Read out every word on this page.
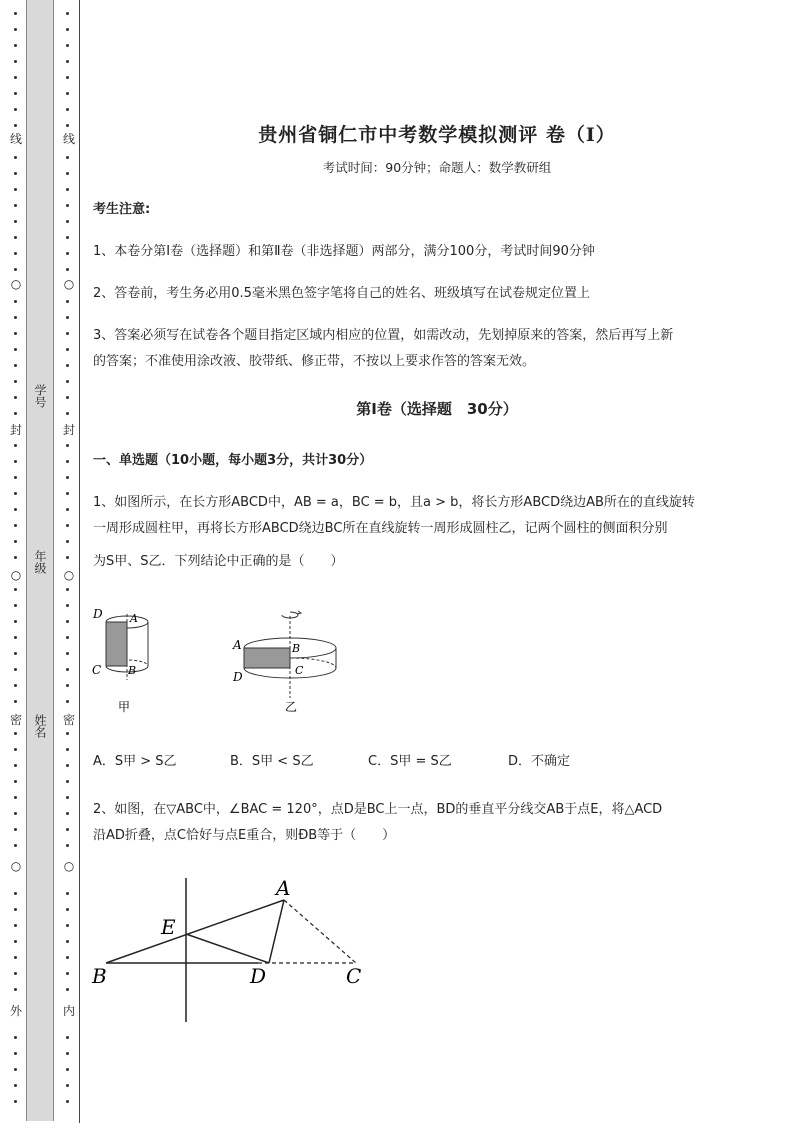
线
○
封
○
密
○
外
线
○
封
○
密
○
内
学号
年级
姓名
贵州省铜仁市中考数学模拟测评 卷（Ⅰ）
考试时间：90分钟；命题人：数学教研组
考生注意:
1、本卷分第Ⅰ卷（选择题）和第Ⅱ卷（非选择题）两部分，满分100分，考试时间90分钟
2、答卷前，考生务必用0.5毫米黑色签字笔将自己的姓名、班级填写在试卷规定位置上
3、答案必须写在试卷各个题目指定区域内相应的位置，如需改动，先划掉原来的答案，然后再写上新
的答案；不准使用涂改液、胶带纸、修正带，不按以上要求作答的答案无效。
第Ⅰ卷（选择题　30分）
一、单选题（10小题，每小题3分，共计30分）
1、如图所示，在长方形ABCD中，AB = a，BC = b，且a > b，将长方形ABCD绕边AB所在的直线旋转
一周形成圆柱甲，再将长方形ABCD绕边BC所在直线旋转一周形成圆柱乙，记两个圆柱的侧面积分别
为S甲、S乙．下列结论中正确的是（　　）
D A
C B
甲
A	B
D	C
乙
A．S甲 > S乙	B．S甲 < S乙	C．S甲 = S乙	D．不确定
2、如图，在▽ABC中，∠BAC = 120°，点D是BC上一点，BD的垂直平分线交AB于点E，将△ACD
沿AD折叠，点C恰好与点E重合，则ÐB等于（　　）
A
E
B	D	C
